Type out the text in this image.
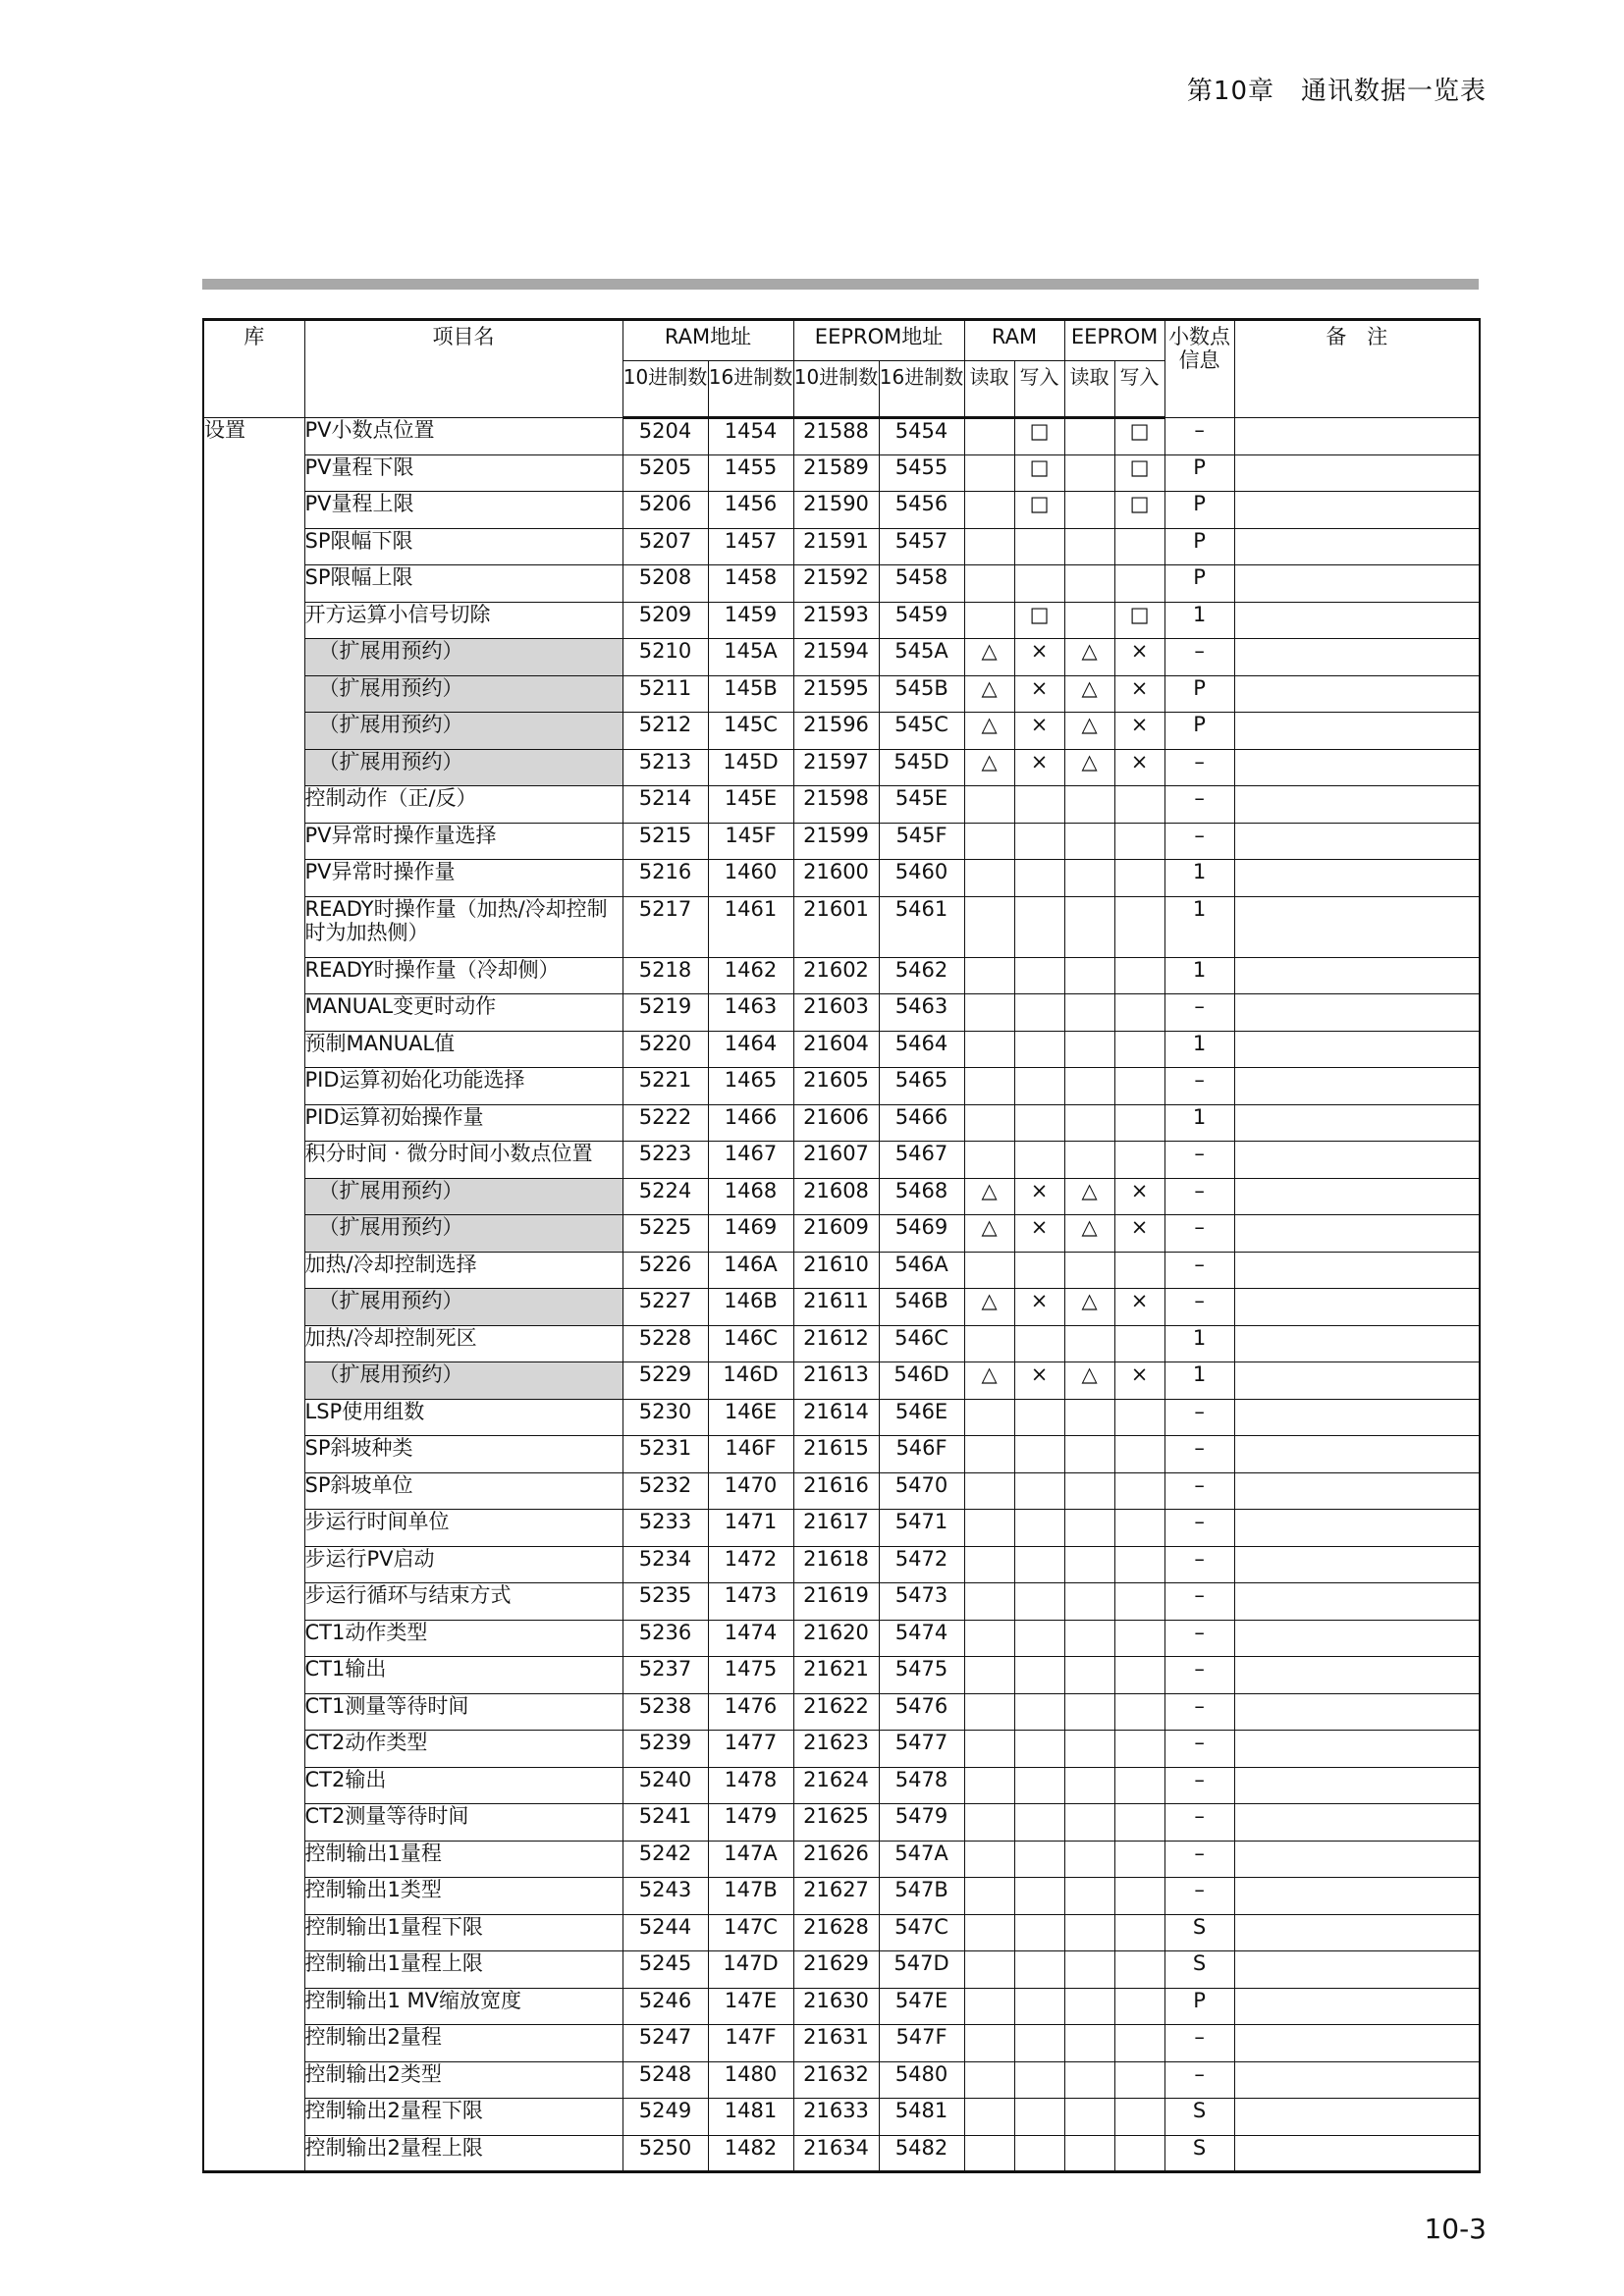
第10章　通讯数据一览表
库	项目名	RAM地址		EEPROM地址		RAM		EEPROM		小数点信息	备　注
		10进制数	16进制数	10进制数	16进制数	读取	写入	读取	写入		
设置	PV小数点位置	5204	1454	21588	5454		□		□	–	
	PV量程下限	5205	1455	21589	5455		□		□	P	
	PV量程上限	5206	1456	21590	5456		□		□	P	
	SP限幅下限	5207	1457	21591	5457					P	
	SP限幅上限	5208	1458	21592	5458					P	
	开方运算小信号切除	5209	1459	21593	5459		□		□	1	
	（扩展用预约）	5210	145A	21594	545A	△	×	△	×	–	
	（扩展用预约）	5211	145B	21595	545B	△	×	△	×	P	
	（扩展用预约）	5212	145C	21596	545C	△	×	△	×	P	
	（扩展用预约）	5213	145D	21597	545D	△	×	△	×	–	
	控制动作（正/反）	5214	145E	21598	545E					–	
	PV异常时操作量选择	5215	145F	21599	545F					–	
	PV异常时操作量	5216	1460	21600	5460					1	
	READY时操作量（加热/冷却控制时为加热侧）	5217	1461	21601	5461					1	
	READY时操作量（冷却侧）	5218	1462	21602	5462					1	
	MANUAL变更时动作	5219	1463	21603	5463					–	
	预制MANUAL值	5220	1464	21604	5464					1	
	PID运算初始化功能选择	5221	1465	21605	5465					–	
	PID运算初始操作量	5222	1466	21606	5466					1	
	积分时间 · 微分时间小数点位置	5223	1467	21607	5467					–	
	（扩展用预约）	5224	1468	21608	5468	△	×	△	×	–	
	（扩展用预约）	5225	1469	21609	5469	△	×	△	×	–	
	加热/冷却控制选择	5226	146A	21610	546A					–	
	（扩展用预约）	5227	146B	21611	546B	△	×	△	×	–	
	加热/冷却控制死区	5228	146C	21612	546C					1	
	（扩展用预约）	5229	146D	21613	546D	△	×	△	×	1	
	LSP使用组数	5230	146E	21614	546E					–	
	SP斜坡种类	5231	146F	21615	546F					–	
	SP斜坡单位	5232	1470	21616	5470					–	
	步运行时间单位	5233	1471	21617	5471					–	
	步运行PV启动	5234	1472	21618	5472					–	
	步运行循环与结束方式	5235	1473	21619	5473					–	
	CT1动作类型	5236	1474	21620	5474					–	
	CT1输出	5237	1475	21621	5475					–	
	CT1测量等待时间	5238	1476	21622	5476					–	
	CT2动作类型	5239	1477	21623	5477					–	
	CT2输出	5240	1478	21624	5478					–	
	CT2测量等待时间	5241	1479	21625	5479					–	
	控制输出1量程	5242	147A	21626	547A					–	
	控制输出1类型	5243	147B	21627	547B					–	
	控制输出1量程下限	5244	147C	21628	547C					S	
	控制输出1量程上限	5245	147D	21629	547D					S	
	控制输出1 MV缩放宽度	5246	147E	21630	547E					P	
	控制输出2量程	5247	147F	21631	547F					–	
	控制输出2类型	5248	1480	21632	5480					–	
	控制输出2量程下限	5249	1481	21633	5481					S	
	控制输出2量程上限	5250	1482	21634	5482					S	
10-3
